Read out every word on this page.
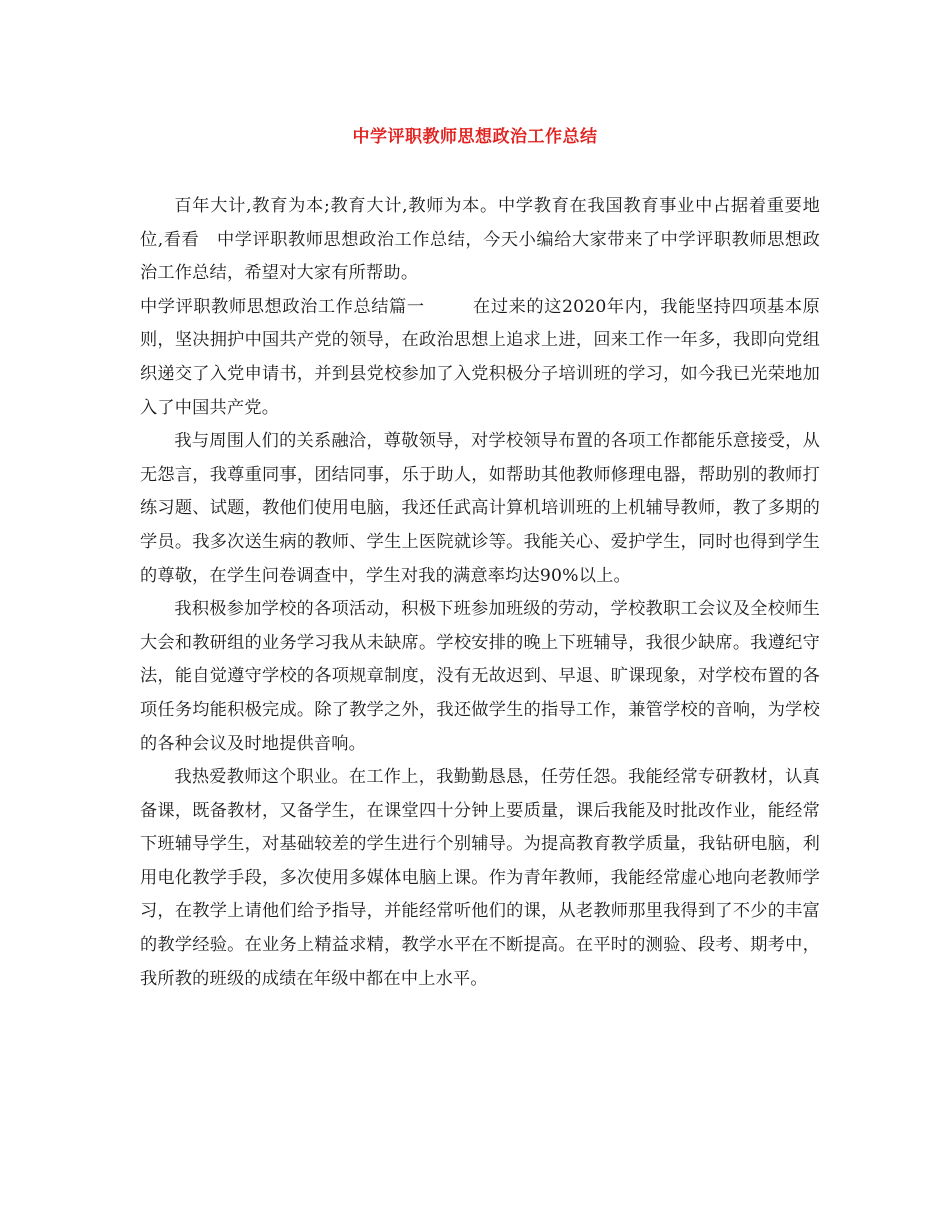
中学评职教师思想政治工作总结

百年大计,教育为本;教育大计,教师为本。中学教育在我国教育事业中占据着重要地位,看看　中学评职教师思想政治工作总结，今天小编给大家带来了中学评职教师思想政治工作总结，希望对大家有所帮助。

中学评职教师思想政治工作总结篇一	在过来的这2020年内，我能坚持四项基本原则，坚决拥护中国共产党的领导，在政治思想上追求上进，回来工作一年多，我即向党组织递交了入党申请书，并到县党校参加了入党积极分子培训班的学习，如今我已光荣地加入了中国共产党。

我与周围人们的关系融洽，尊敬领导，对学校领导布置的各项工作都能乐意接受，从无怨言，我尊重同事，团结同事，乐于助人，如帮助其他教师修理电器，帮助别的教师打练习题、试题，教他们使用电脑，我还任武高计算机培训班的上机辅导教师，教了多期的学员。我多次送生病的教师、学生上医院就诊等。我能关心、爱护学生，同时也得到学生的尊敬，在学生问卷调查中，学生对我的满意率均达90%以上。

我积极参加学校的各项活动，积极下班参加班级的劳动，学校教职工会议及全校师生大会和教研组的业务学习我从未缺席。学校安排的晚上下班辅导，我很少缺席。我遵纪守法，能自觉遵守学校的各项规章制度，没有无故迟到、早退、旷课现象，对学校布置的各项任务均能积极完成。除了教学之外，我还做学生的指导工作，兼管学校的音响，为学校的各种会议及时地提供音响。

我热爱教师这个职业。在工作上，我勤勤恳恳，任劳任怨。我能经常专研教材，认真备课，既备教材，又备学生，在课堂四十分钟上要质量，课后我能及时批改作业，能经常下班辅导学生，对基础较差的学生进行个别辅导。为提高教育教学质量，我钻研电脑，利用电化教学手段，多次使用多媒体电脑上课。作为青年教师，我能经常虚心地向老教师学习，在教学上请他们给予指导，并能经常听他们的课，从老教师那里我得到了不少的丰富的教学经验。在业务上精益求精，教学水平在不断提高。在平时的测验、段考、期考中，我所教的班级的成绩在年级中都在中上水平。
